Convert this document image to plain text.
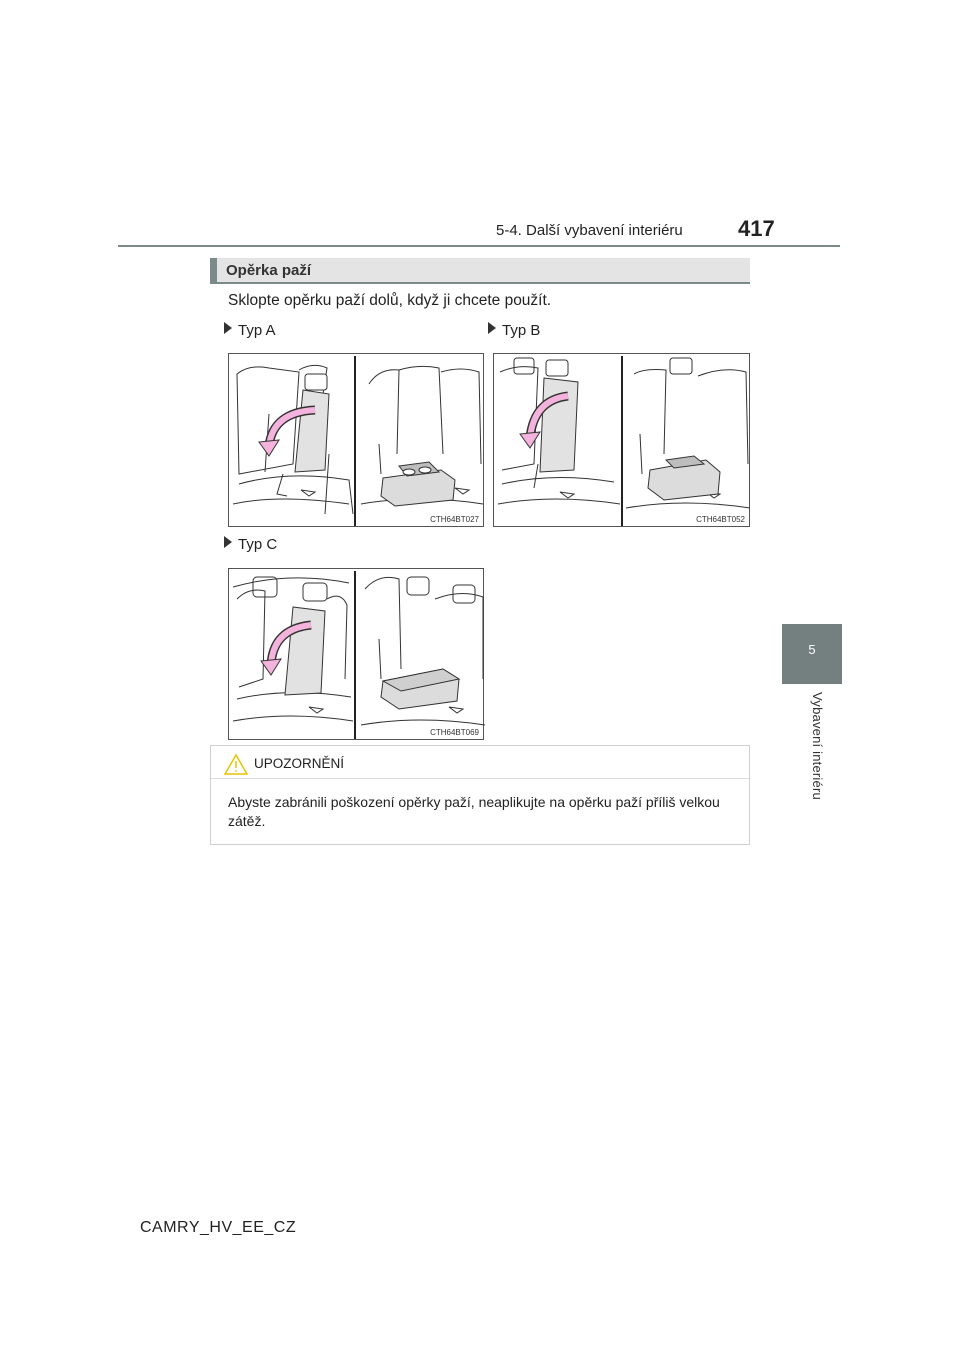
5-4. Další vybavení interiéru	417
5
Vybavení interiéru
Opěrka paží
Sklopte opěrku paží dolů, když ji chcete použít.
Typ A	Typ B
Typ C
CTH64BT027	CTH64BT052
CTH64BT069
UPOZORNĚNÍ
Abyste zabránili poškození opěrky paží, neaplikujte na opěrku paží příliš velkou zátěž.
CAMRY_HV_EE_CZ
